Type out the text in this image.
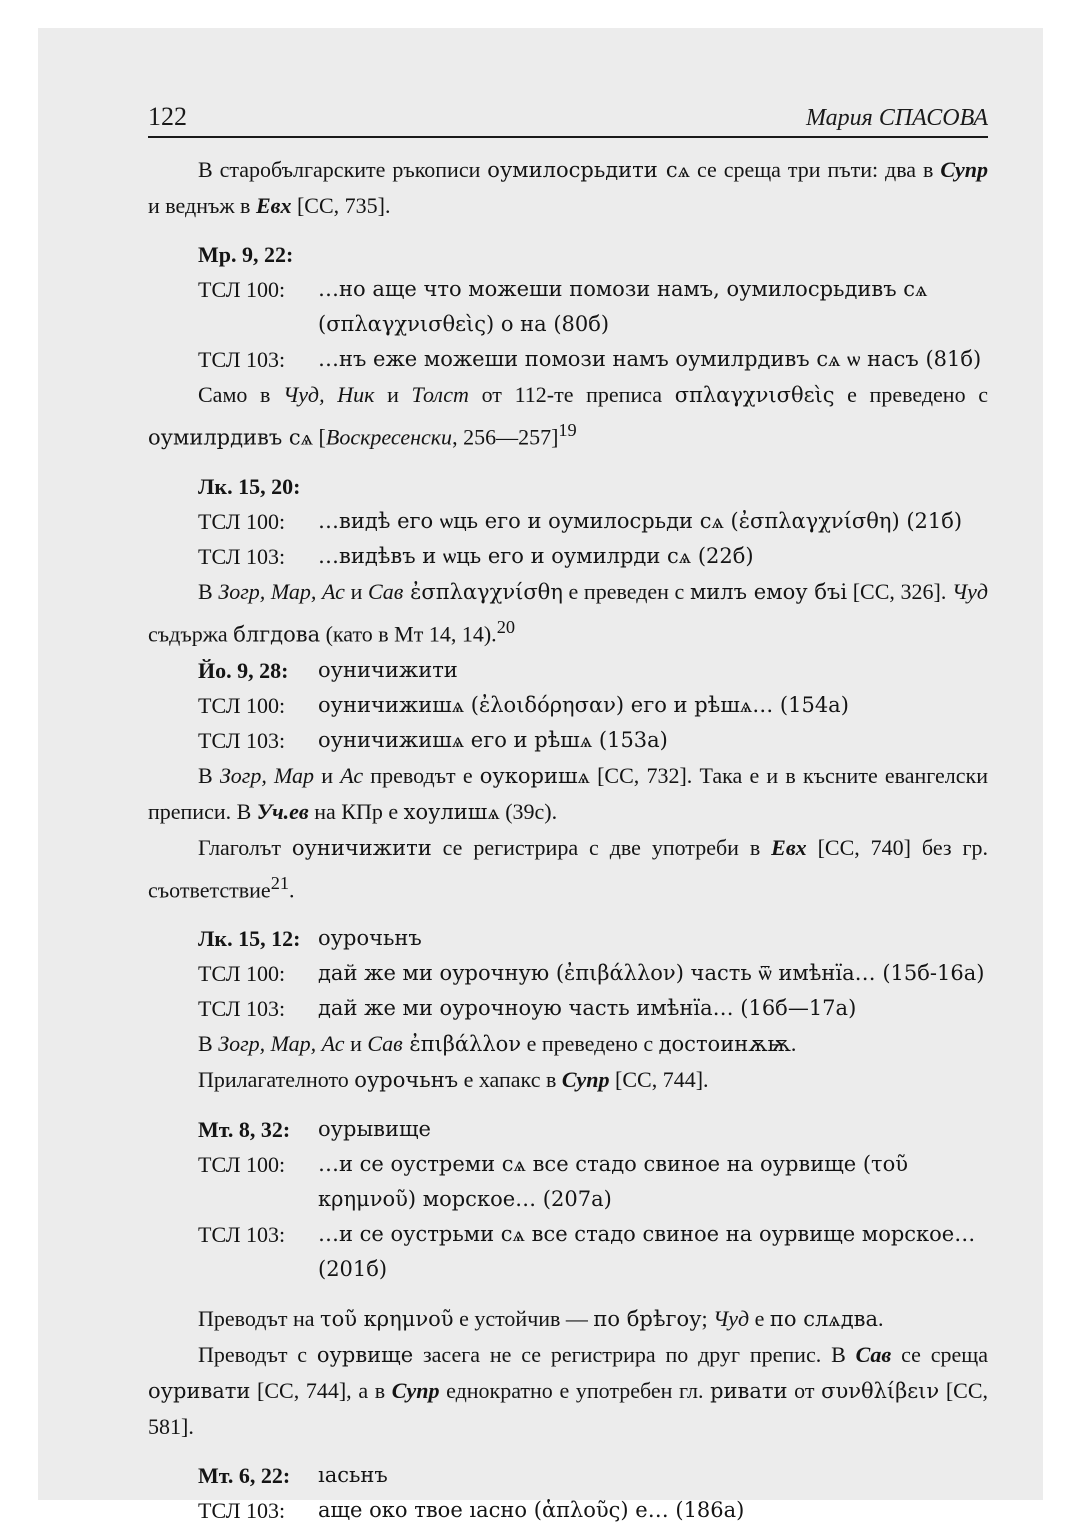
122	Мария СПАСОВА

В старобългарските ръкописи оумилосрьдити сѧ се среща три пъти: два в Супр и веднъж в Евх [СС, 735].

Мр. 9, 22:

ТСЛ 100:	…но аще что можеши помози намъ, оумилосрьдивъ сѧ (σπλαγχνισθεὶς) о на (80б)
ТСЛ 103:	…нъ еже можеши помози намъ оумилрдивъ сѧ ѡ насъ (81б)

Само в Чуд, Ник и Толст от 112-те преписа σπλαγχνισθεὶς е преведено с оумилрдивъ сѧ [Воскресенски, 256—257]$^{19}$

Лк. 15, 20:

ТСЛ 100:	…видѣ его ѡць его и оумилосрьди сѧ (ἐσπλαγχνίσθη) (21б)
ТСЛ 103:	…видѣвъ и ѡць его и оумилрди сѧ (22б)

В Зогр, Мар, Ас и Сав ἐσπλαγχνίσθη е преведен с милъ емоу бъі [СС, 326]. Чуд съдържа блгдова (като в Мт 14, 14).$^{20}$

Йо. 9, 28:	оуничижити
ТСЛ 100:	оуничижишѧ (ἐλοιδόρησαν) его и рѣшѧ… (154а)
ТСЛ 103:	оуничижишѧ его и рѣшѧ (153а)

В Зогр, Мар и Ас преводът е оукоришѧ [СС, 732]. Така е и в късните евангелски преписи. В Уч.ев на КПр е хоулишѧ (39с).

Глаголът оуничижити се регистрира с две употреби в Евх [СС, 740] без гр. съответствие$^{21}$.

Лк. 15, 12: оурочьнъ
ТСЛ 100:	дай же ми оурочную (ἐπιβάλλον) часть ѿ имѣнїа… (15б-16а)
ТСЛ 103:	дай же ми оурочноую часть имѣнїа… (16б—17а)

В Зогр, Мар, Ас и Сав ἐπιβάλλον е преведено с достоинѫѭ.

Прилагателното оурочьнъ е хапакс в Супр [СС, 744].

Мт. 8, 32:	оурывище
ТСЛ 100:	…и се оустреми сѧ все стадо свиное на оурвище (τοῦ κρημνοῦ) морское… (207а)
ТСЛ 103:	…и се оустрьми сѧ все стадо свиное на оурвище морское… (201б)

Преводът на τοῦ κρημνοῦ е устойчив — по брѣгоу; Чуд е по слѧдва.

Преводът с оурвище засега не се регистрира по друг препис. В Сав се среща оуривати [СС, 744], а в Супр еднократно е употребен гл. ривати от συνθλίβειν [СС, 581].

Мт. 6, 22:	ıасьнъ
ТСЛ 103:	аще око твое ıасно (ἁπλοῦς) е… (186а)
